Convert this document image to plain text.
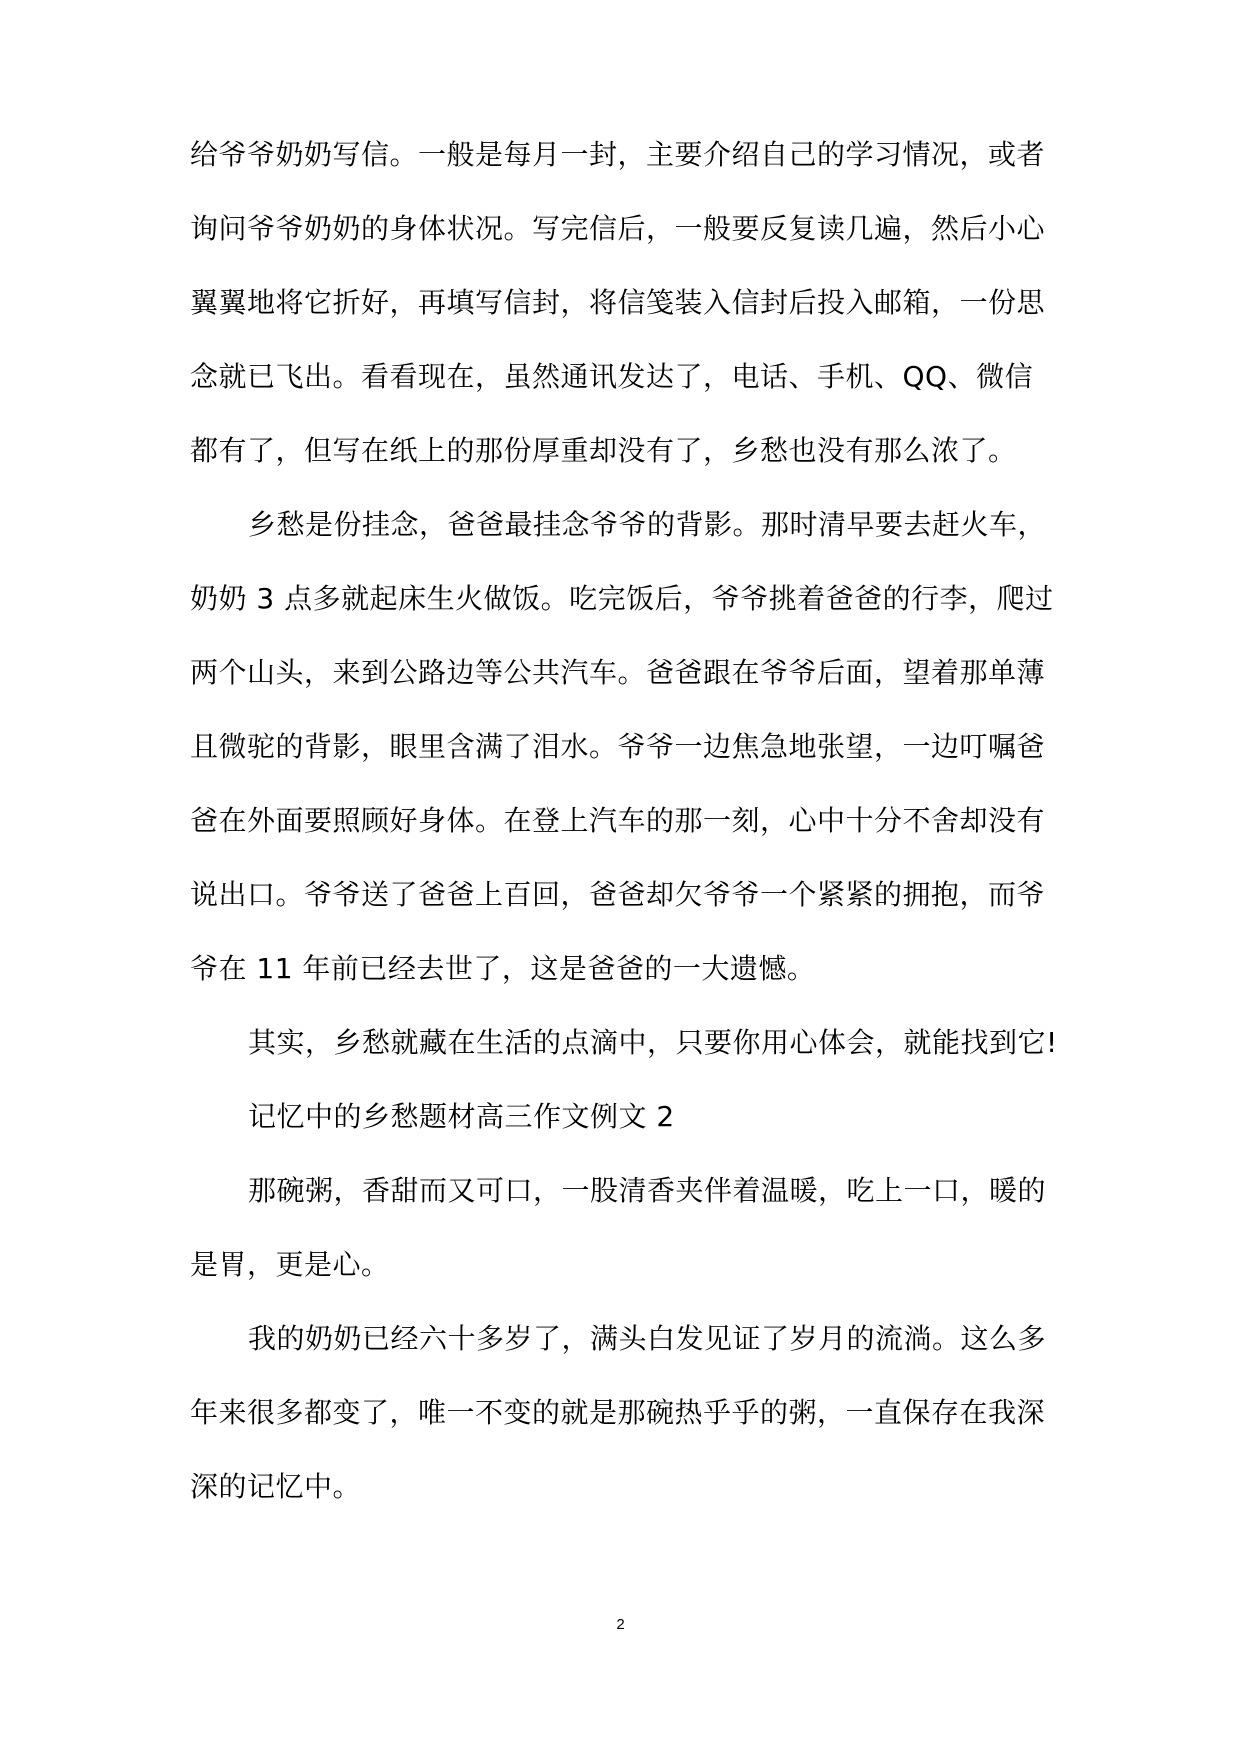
给爷爷奶奶写信。一般是每月一封，主要介绍自己的学习情况，或者
询问爷爷奶奶的身体状况。写完信后，一般要反复读几遍，然后小心
翼翼地将它折好，再填写信封，将信笺装入信封后投入邮箱，一份思
念就已飞出。看看现在，虽然通讯发达了，电话、手机、QQ、微信
都有了，但写在纸上的那份厚重却没有了，乡愁也没有那么浓了。
乡愁是份挂念，爸爸最挂念爷爷的背影。那时清早要去赶火车，
奶奶 3 点多就起床生火做饭。吃完饭后，爷爷挑着爸爸的行李，爬过
两个山头，来到公路边等公共汽车。爸爸跟在爷爷后面，望着那单薄
且微驼的背影，眼里含满了泪水。爷爷一边焦急地张望，一边叮嘱爸
爸在外面要照顾好身体。在登上汽车的那一刻，心中十分不舍却没有
说出口。爷爷送了爸爸上百回，爸爸却欠爷爷一个紧紧的拥抱，而爷
爷在 11 年前已经去世了，这是爸爸的一大遗憾。
其实，乡愁就藏在生活的点滴中，只要你用心体会，就能找到它!
记忆中的乡愁题材高三作文例文 2
那碗粥，香甜而又可口，一股清香夹伴着温暖，吃上一口，暖的
是胃，更是心。
我的奶奶已经六十多岁了，满头白发见证了岁月的流淌。这么多
年来很多都变了，唯一不变的就是那碗热乎乎的粥，一直保存在我深
深的记忆中。
2
